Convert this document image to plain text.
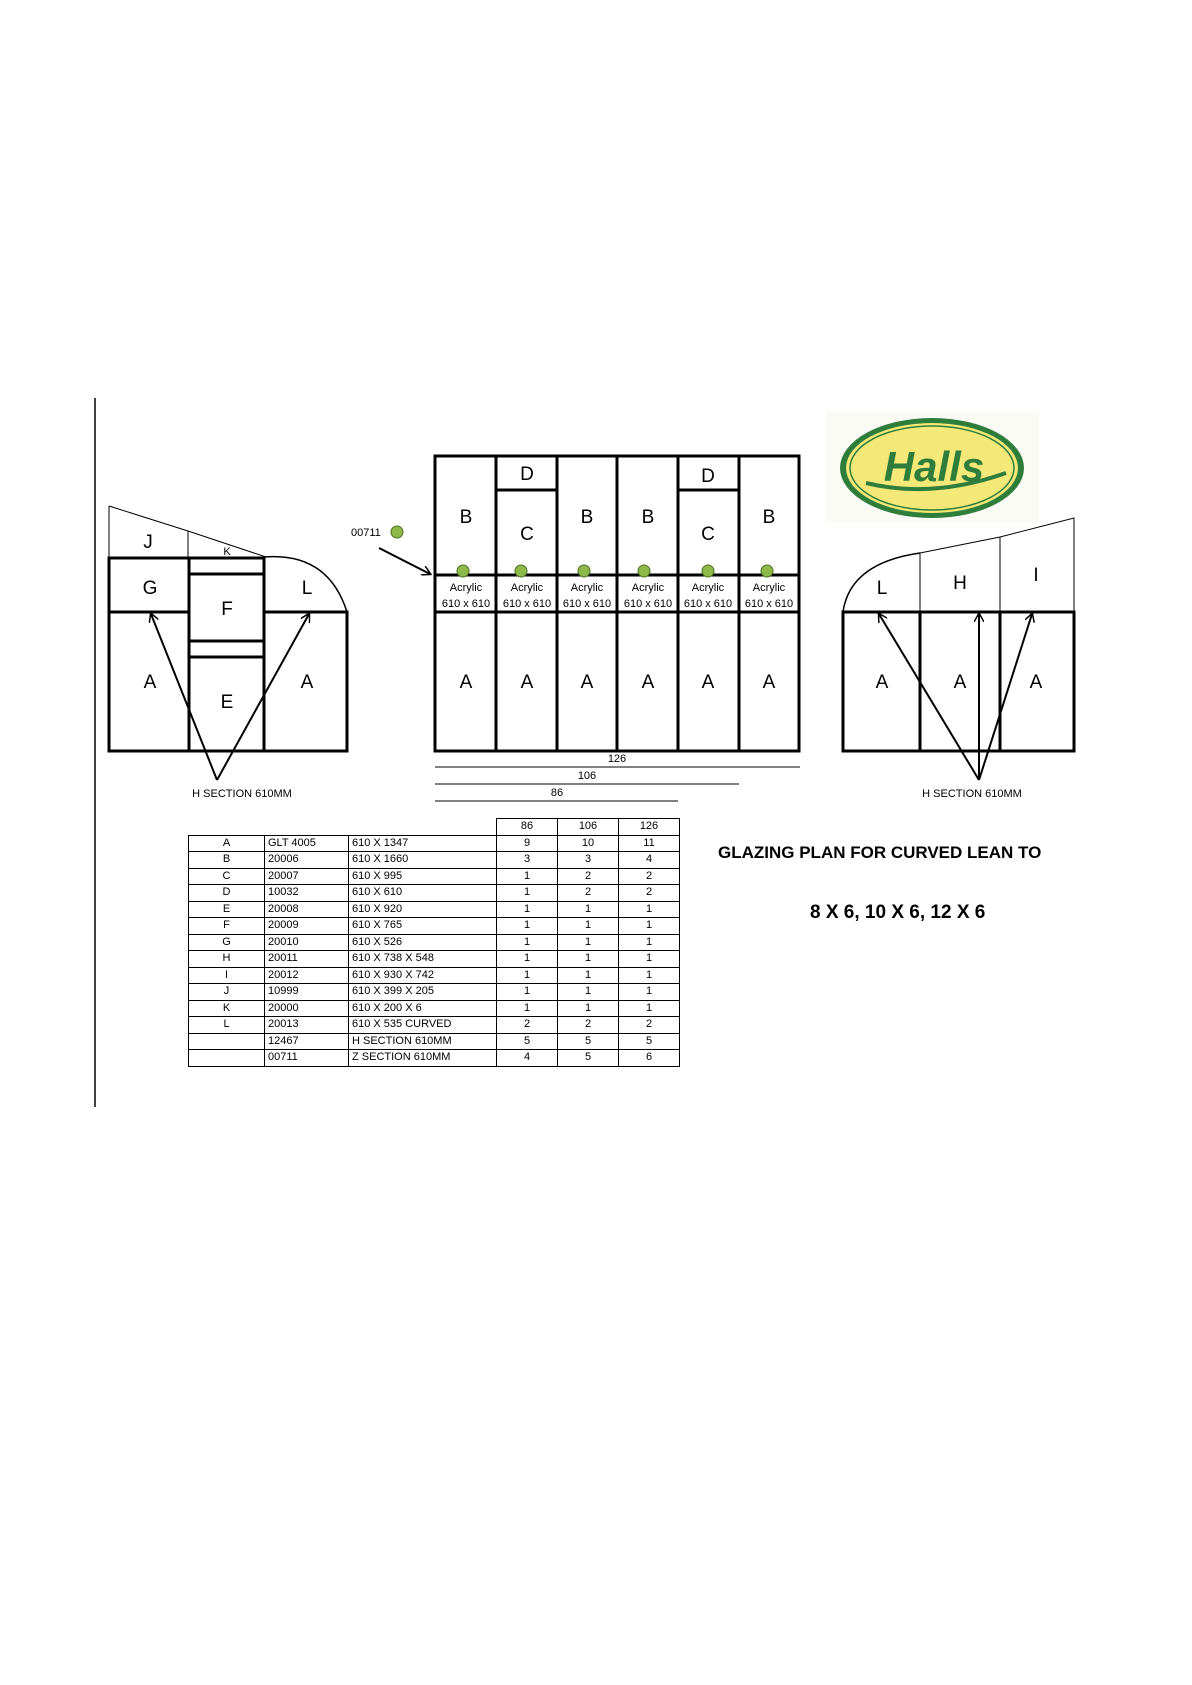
J	K
G
F
L
A
E
A
H SECTION 610MM
126
106
86
B
C
B	B
C
B
D	D
Acrylic	Acrylic	Acrylic	Acrylic	Acrylic	Acrylic
610 x 610 610 x 610 610 x 610 610 x 610 610 x 610 610 x 610
A	A A	A A	A
00711
L	H	I
A	A	A
H SECTION 610MM
Halls
			86	106	126
A	GLT 4005	610 X 1347	9	10	11
B	20006	610 X 1660	3	3	4
C	20007	610 X 995	1	2	2
D	10032	610 X 610	1	2	2
E	20008	610 X 920	1	1	1
F	20009	610 X 765	1	1	1
G	20010	610 X 526	1	1	1
H	20011	610 X 738 X 548	1	1	1
I	20012	610 X 930 X 742	1	1	1
J	10999	610 X 399 X 205	1	1	1
K	20000	610 X 200 X 6	1	1	1
L	20013	610 X 535 CURVED	2	2	2
	12467	H SECTION 610MM	5	5	5
	00711	Z SECTION 610MM	4	5	6
GLAZING PLAN FOR CURVED LEAN TO
8 X 6, 10 X 6, 12 X 6
